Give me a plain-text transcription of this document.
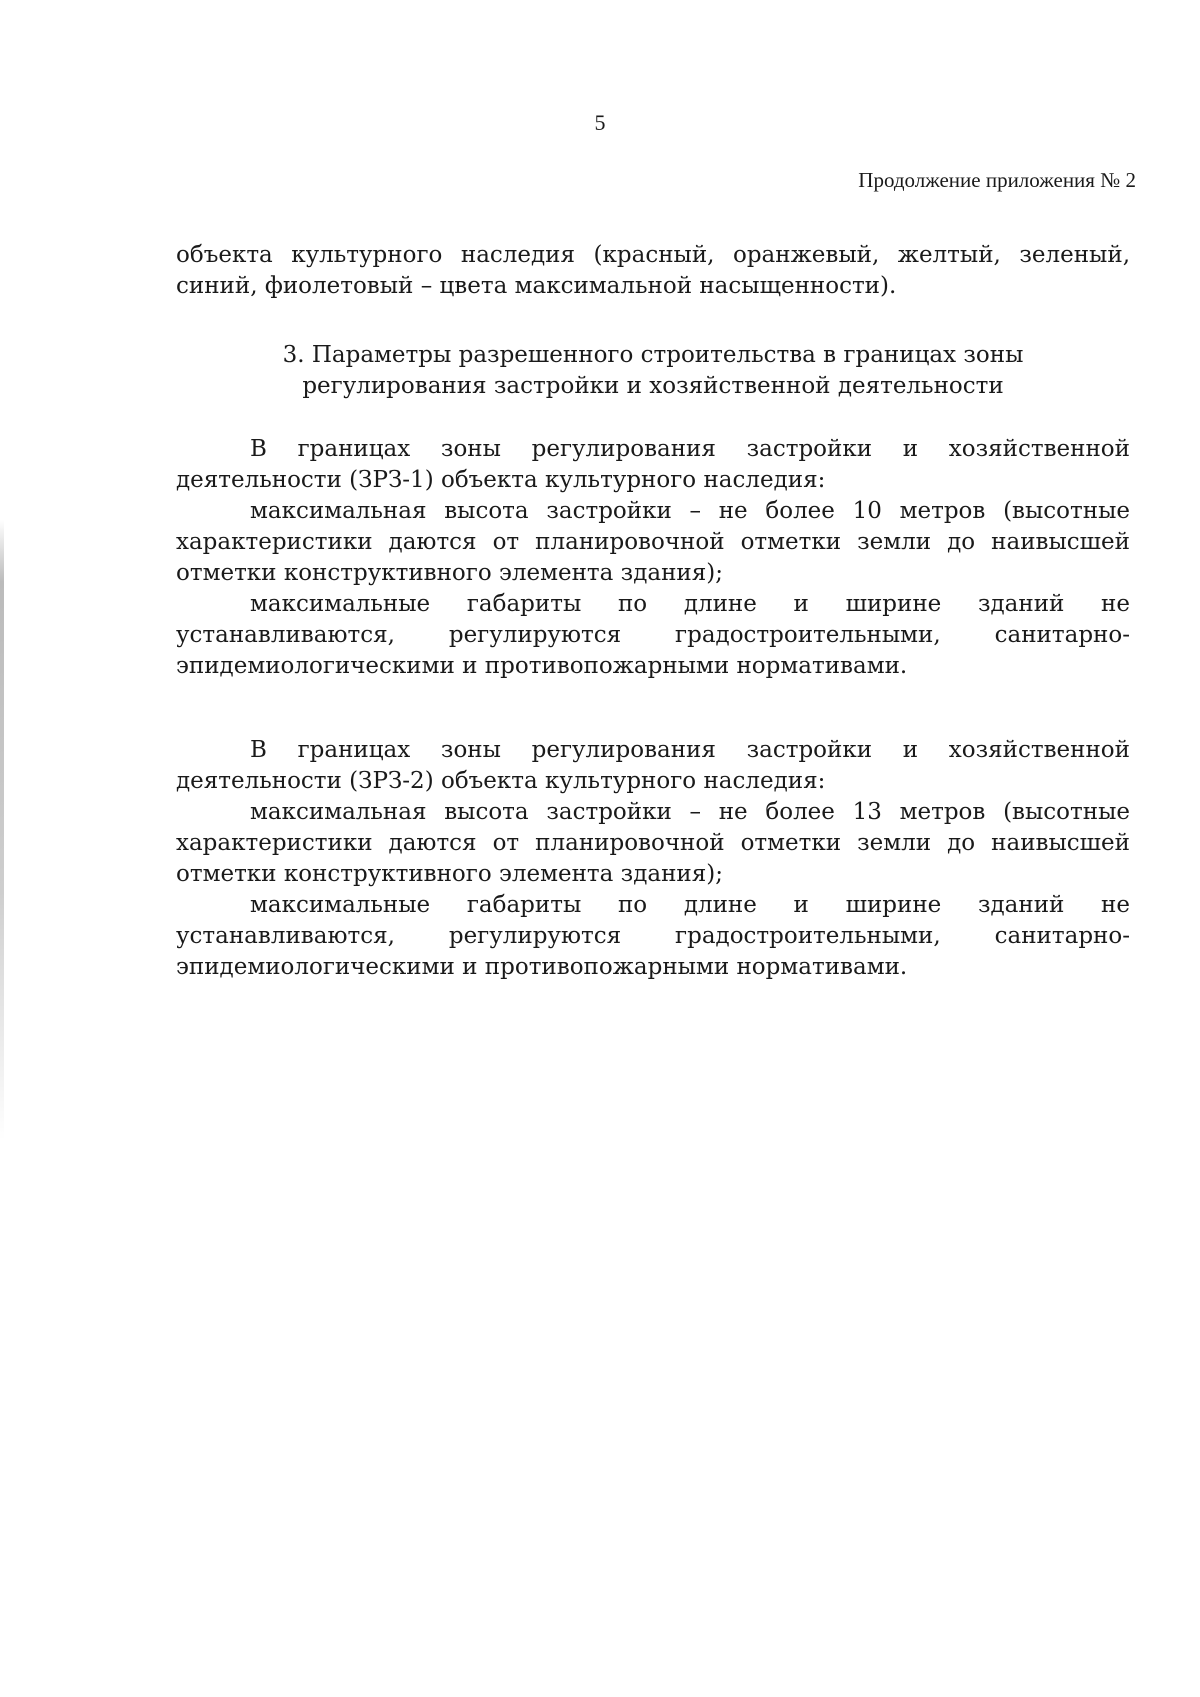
5
Продолжение приложения № 2

объекта культурного наследия (красный, оранжевый, желтый, зеленый, синий, фиолетовый – цвета максимальной насыщенности).

3. Параметры разрешенного строительства в границах зоны
регулирования застройки и хозяйственной деятельности

В границах зоны регулирования застройки и хозяйственной деятельности (ЗРЗ-1) объекта культурного наследия:

максимальная высота застройки – не более 10 метров (высотные характеристики даются от планировочной отметки земли до наивысшей отметки конструктивного элемента здания);

максимальные габариты по длине и ширине зданий не устанавливаются, регулируются градостроительными, санитарно-эпидемиологическими и противопожарными нормативами.

В границах зоны регулирования застройки и хозяйственной деятельности (ЗРЗ-2) объекта культурного наследия:

максимальная высота застройки – не более 13 метров (высотные характеристики даются от планировочной отметки земли до наивысшей отметки конструктивного элемента здания);

максимальные габариты по длине и ширине зданий не устанавливаются, регулируются градостроительными, санитарно-эпидемиологическими и противопожарными нормативами.
